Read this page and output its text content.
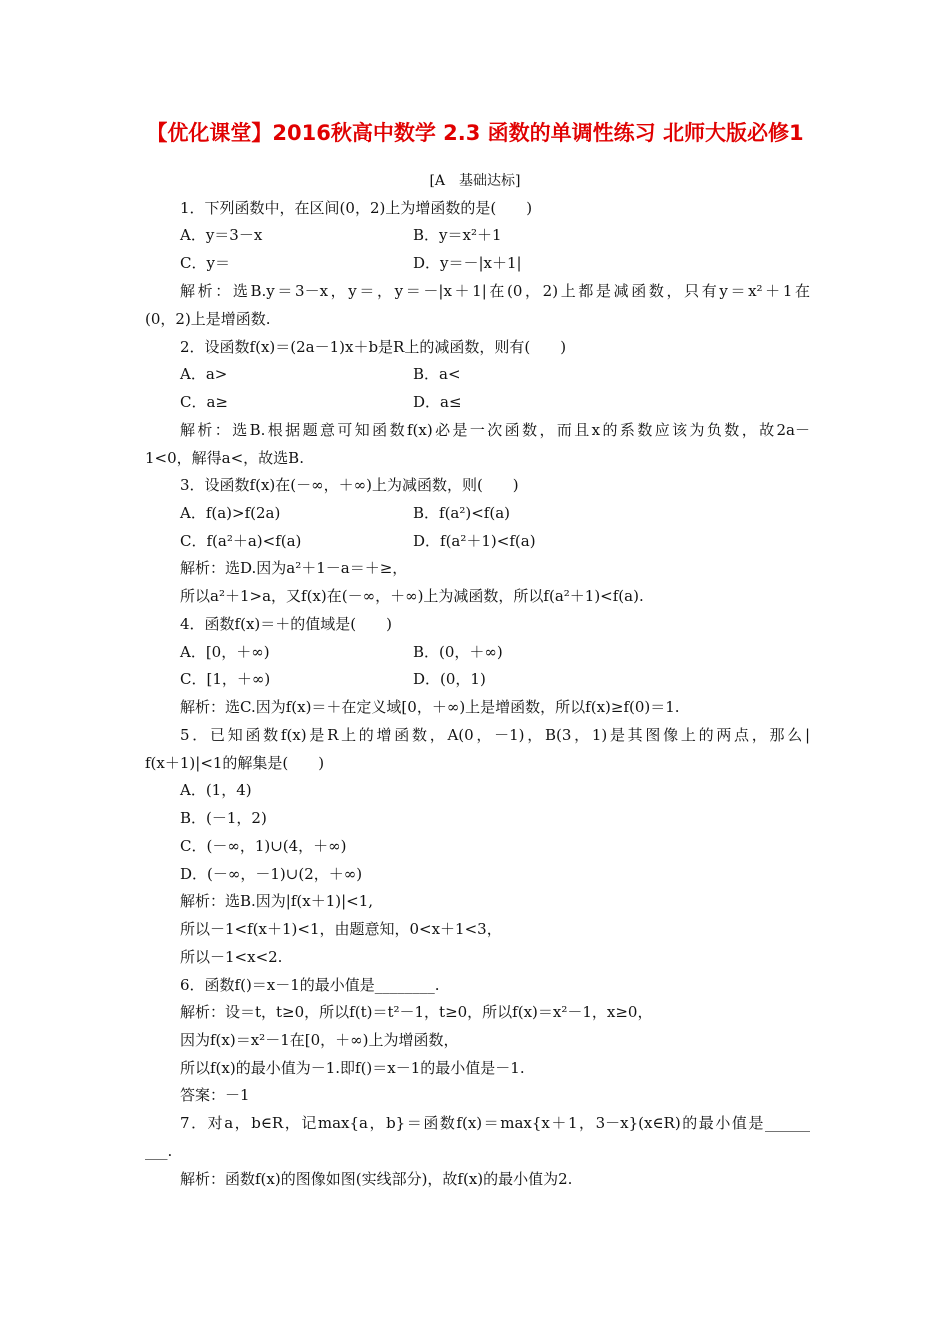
【优化课堂】2016秋高中数学 2.3 函数的单调性练习 北师大版必修1
[A　基础达标]
1．下列函数中，在区间(0，2)上为增函数的是(　　)
A．y＝3－x	B．y＝x²＋1
C．y＝	D．y＝－|x＋1|
解析：选B.y＝3－x，y＝，y＝－|x＋1|在(0，2)上都是减函数，只有y＝x²＋1在
(0，2)上是增函数.
2．设函数f(x)＝(2a－1)x＋b是R上的减函数，则有(　　)
A．a>	B．a<
C．a≥	D．a≤
解析：选B.根据题意可知函数f(x)必是一次函数，而且x的系数应该为负数，故2a－
1<0，解得a<，故选B.
3．设函数f(x)在(－∞，＋∞)上为减函数，则(　　)
A．f(a)>f(2a)	B．f(a²)<f(a)
C．f(a²＋a)<f(a)	D．f(a²＋1)<f(a)
解析：选D.因为a²＋1－a＝＋≥，
所以a²＋1>a，又f(x)在(－∞，＋∞)上为减函数，所以f(a²＋1)<f(a).
4．函数f(x)＝＋的值域是(　　)
A．[0，＋∞)	B．(0，＋∞)
C．[1，＋∞)	D．(0，1)
解析：选C.因为f(x)＝＋在定义域[0，＋∞)上是增函数，所以f(x)≥f(0)＝1.
5．已知函数f(x)是R上的增函数，A(0，－1)，B(3，1)是其图像上的两点，那么|
f(x＋1)|<1的解集是(　　)
A．(1，4)
B．(－1，2)
C．(－∞，1)∪(4，＋∞)
D．(－∞，－1)∪(2，＋∞)
解析：选B.因为|f(x＋1)|<1,
所以－1<f(x＋1)<1，由题意知，0<x＋1<3，
所以－1<x<2.
6．函数f()＝x－1的最小值是________.
解析：设＝t，t≥0，所以f(t)＝t²－1，t≥0，所以f(x)＝x²－1，x≥0，
因为f(x)＝x²－1在[0，＋∞)上为增函数，
所以f(x)的最小值为－1.即f()＝x－1的最小值是－1.
答案：－1
7．对a，b∈R，记max{a，b}＝函数f(x)＝max{x＋1，3－x}(x∈R)的最小值是______
___.
解析：函数f(x)的图像如图(实线部分)，故f(x)的最小值为2.
